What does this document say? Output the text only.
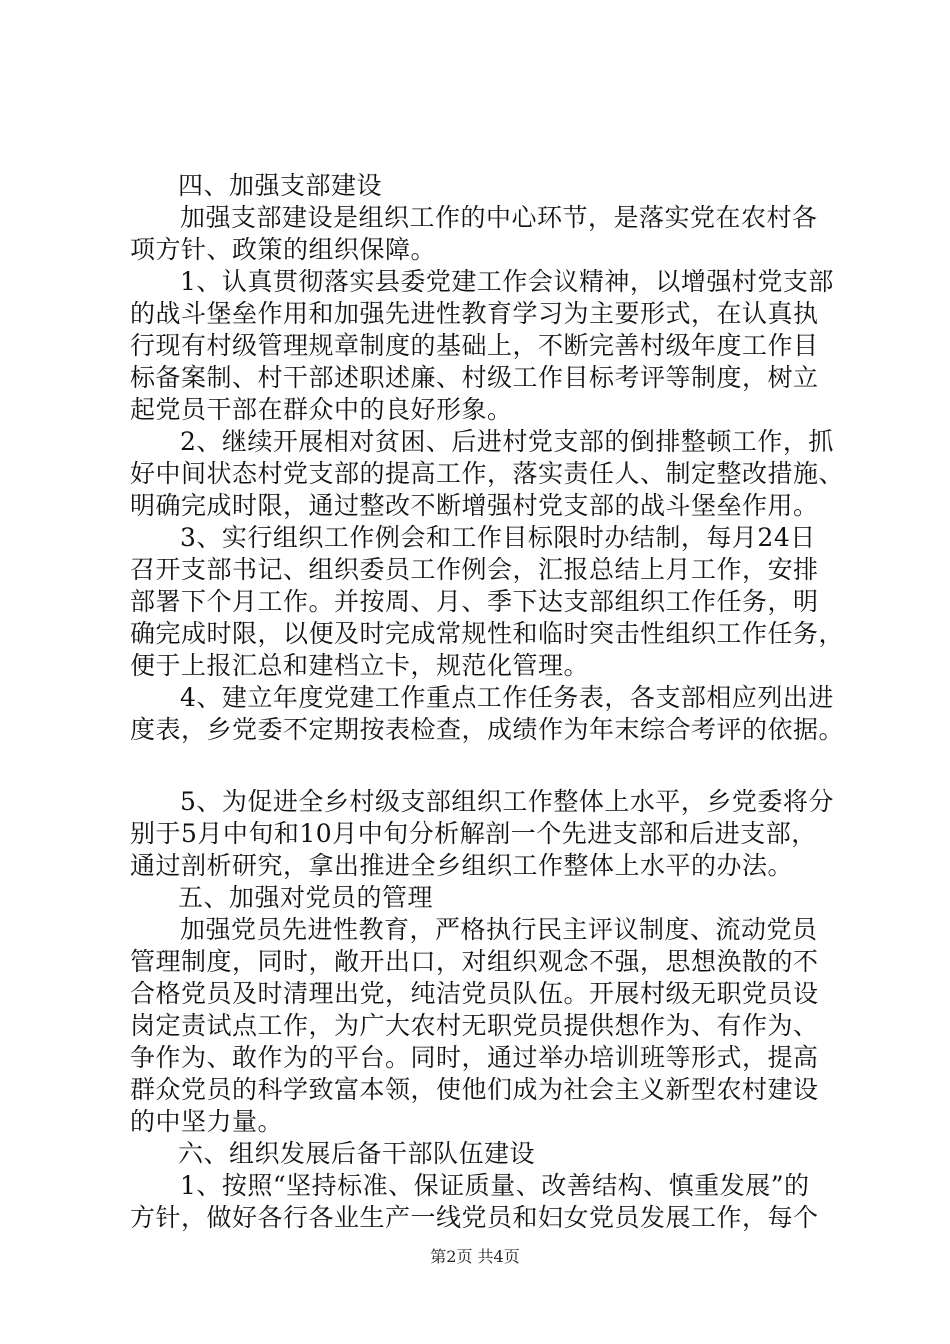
四、加强支部建设
加强支部建设是组织工作的中心环节，是落实党在农村各
项方针、政策的组织保障。
1、认真贯彻落实县委党建工作会议精神，以增强村党支部
的战斗堡垒作用和加强先进性教育学习为主要形式，在认真执
行现有村级管理规章制度的基础上，不断完善村级年度工作目
标备案制、村干部述职述廉、村级工作目标考评等制度，树立
起党员干部在群众中的良好形象。
2、继续开展相对贫困、后进村党支部的倒排整顿工作，抓
好中间状态村党支部的提高工作，落实责任人、制定整改措施、
明确完成时限，通过整改不断增强村党支部的战斗堡垒作用。
3、实行组织工作例会和工作目标限时办结制，每月24日
召开支部书记、组织委员工作例会，汇报总结上月工作，安排
部署下个月工作。并按周、月、季下达支部组织工作任务，明
确完成时限，以便及时完成常规性和临时突击性组织工作任务，
便于上报汇总和建档立卡，规范化管理。
4、建立年度党建工作重点工作任务表，各支部相应列出进
度表，乡党委不定期按表检查，成绩作为年末综合考评的依据。
5、为促进全乡村级支部组织工作整体上水平，乡党委将分
别于5月中旬和10月中旬分析解剖一个先进支部和后进支部，
通过剖析研究，拿出推进全乡组织工作整体上水平的办法。
五、加强对党员的管理
加强党员先进性教育，严格执行民主评议制度、流动党员
管理制度，同时，敞开出口，对组织观念不强，思想涣散的不
合格党员及时清理出党，纯洁党员队伍。开展村级无职党员设
岗定责试点工作，为广大农村无职党员提供想作为、有作为、
争作为、敢作为的平台。同时，通过举办培训班等形式，提高
群众党员的科学致富本领，使他们成为社会主义新型农村建设
的中坚力量。
六、组织发展后备干部队伍建设
1、按照“坚持标准、保证质量、改善结构、慎重发展”的
方针，做好各行各业生产一线党员和妇女党员发展工作，每个
第2页 共4页
